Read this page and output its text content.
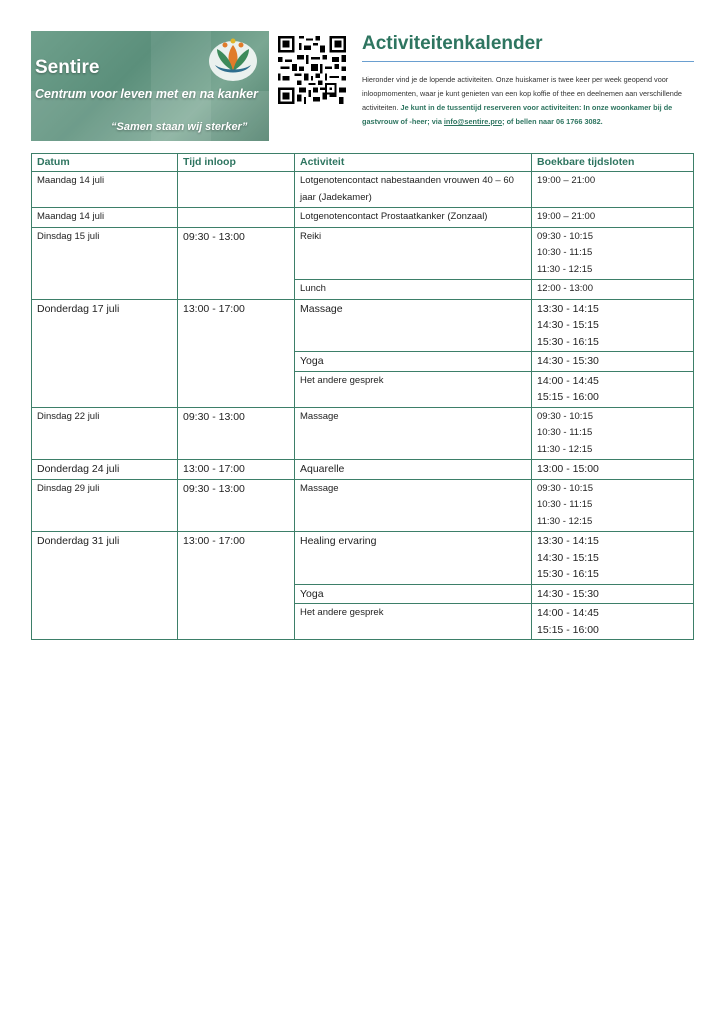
Sentire
Centrum voor leven met en na kanker
“Samen staan wij sterker”
Activiteitenkalender
Hieronder vind je de lopende activiteiten. Onze huiskamer is twee keer per week geopend voor inloopmomenten, waar je kunt genieten van een kop koffie of thee en deelnemen aan verschillende activiteiten. Je kunt in de tussentijd reserveren voor activiteiten: In onze woonkamer bij de gastvrouw of -heer; via info@sentire.pro; of bellen naar 06 1766 3082.
Datum	Tijd inloop	Activiteit	Boekbare tijdsloten
Maandag 14 juli		Lotgenotencontact nabestaanden vrouwen 40 – 60 jaar (Jadekamer)	19:00 – 21:00

Maandag 14 juli		Lotgenotencontact Prostaatkanker (Zonzaal)	19:00 – 21:00

Dinsdag 15 juli	09:30 - 13:00	Reiki	09:30 - 10:15
10:30 - 11:15
11:30 - 12:15

		Lunch	12:00 - 13:00

Donderdag 17 juli	13:00 - 17:00	Massage	13:30 - 14:15
14:30 - 15:15
15:30 - 16:15

		Yoga	14:30 - 15:30

		Het andere gesprek	14:00 - 14:45
15:15 - 16:00

Dinsdag 22 juli	09:30 - 13:00	Massage	09:30 - 10:15
10:30 - 11:15
11:30 - 12:15

Donderdag 24 juli	13:00 - 17:00	Aquarelle	13:00 - 15:00

Dinsdag 29 juli	09:30 - 13:00	Massage	09:30 - 10:15
10:30 - 11:15
11:30 - 12:15

Donderdag 31 juli	13:00 - 17:00	Healing ervaring	13:30 - 14:15
14:30 - 15:15
15:30 - 16:15

		Yoga	14:30 - 15:30

		Het andere gesprek	14:00 - 14:45
15:15 - 16:00
